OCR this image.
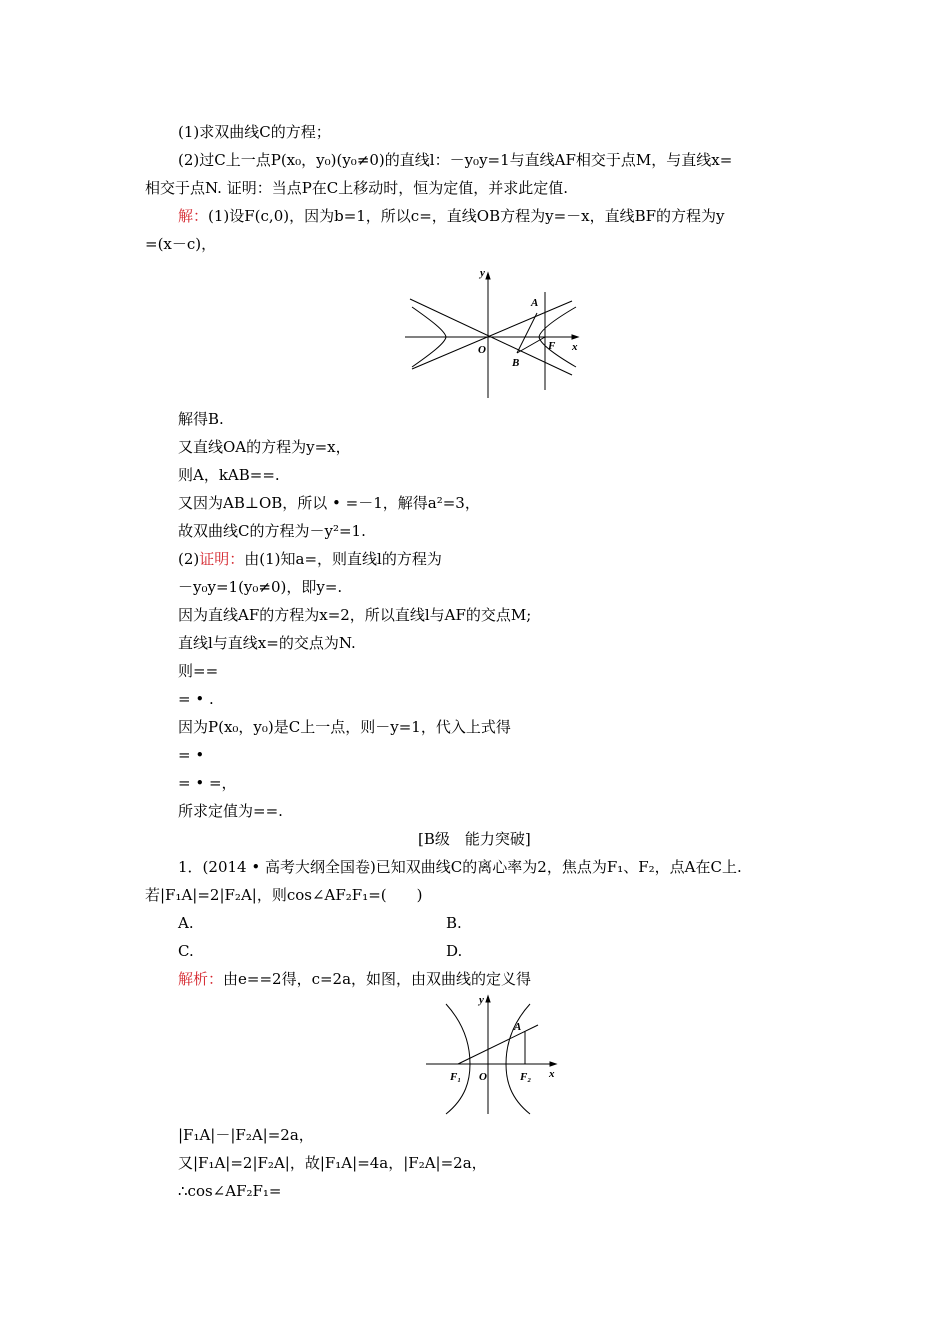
(1)求双曲线C的方程；
(2)过C上一点P(x₀，y₀)(y₀≠0)的直线l：－y₀y=1与直线AF相交于点M，与直线x=
相交于点N. 证明：当点P在C上移动时，恒为定值，并求此定值.
解：(1)设F(c,0)，因为b=1，所以c=，直线OB方程为y=－x，直线BF的方程为y
=(x－c)，
y
A
O	F
B
x
解得B.
又直线OA的方程为y=x，
则A，kAB==.
又因为AB⊥OB，所以 • =－1，解得a²=3，
故双曲线C的方程为－y²=1.
(2)证明：由(1)知a=，则直线l的方程为
－y₀y=1(y₀≠0)，即y=.
因为直线AF的方程为x=2，所以直线l与AF的交点M;
直线l与直线x=的交点为N.
则==
= • .
因为P(x₀，y₀)是C上一点，则－y=1，代入上式得
= •
= • =，
所求定值为==.
[B级　能力突破]
1．(2014 • 高考大纲全国卷)已知双曲线C的离心率为2，焦点为F₁、F₂，点A在C上.
若|F₁A|=2|F₂A|，则cos∠AF₂F₁=(　　)
A.	B.
C.	D.
解析：由e==2得，c=2a，如图，由双曲线的定义得
y
A
F₁ O	F₂ x
|F₁A|－|F₂A|=2a，
又|F₁A|=2|F₂A|，故|F₁A|=4a，|F₂A|=2a，
∴cos∠AF₂F₁=
